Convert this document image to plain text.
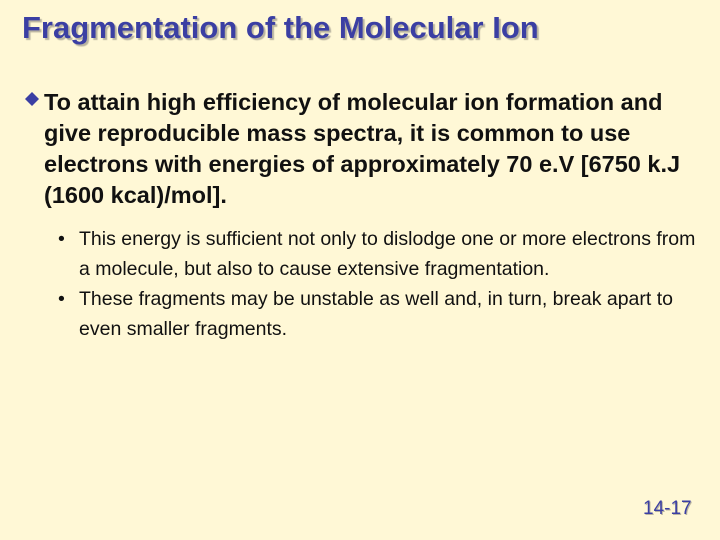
Fragmentation of the Molecular Ion

To attain high efficiency of molecular ion formation and give reproducible mass spectra, it is common to use electrons with energies of approximately 70 e.V [6750 k.J (1600 kcal)/mol].

• This energy is sufficient not only to dislodge one or more electrons from a molecule, but also to cause extensive fragmentation.
• These fragments may be unstable as well and, in turn, break apart to even smaller fragments.
14-17
